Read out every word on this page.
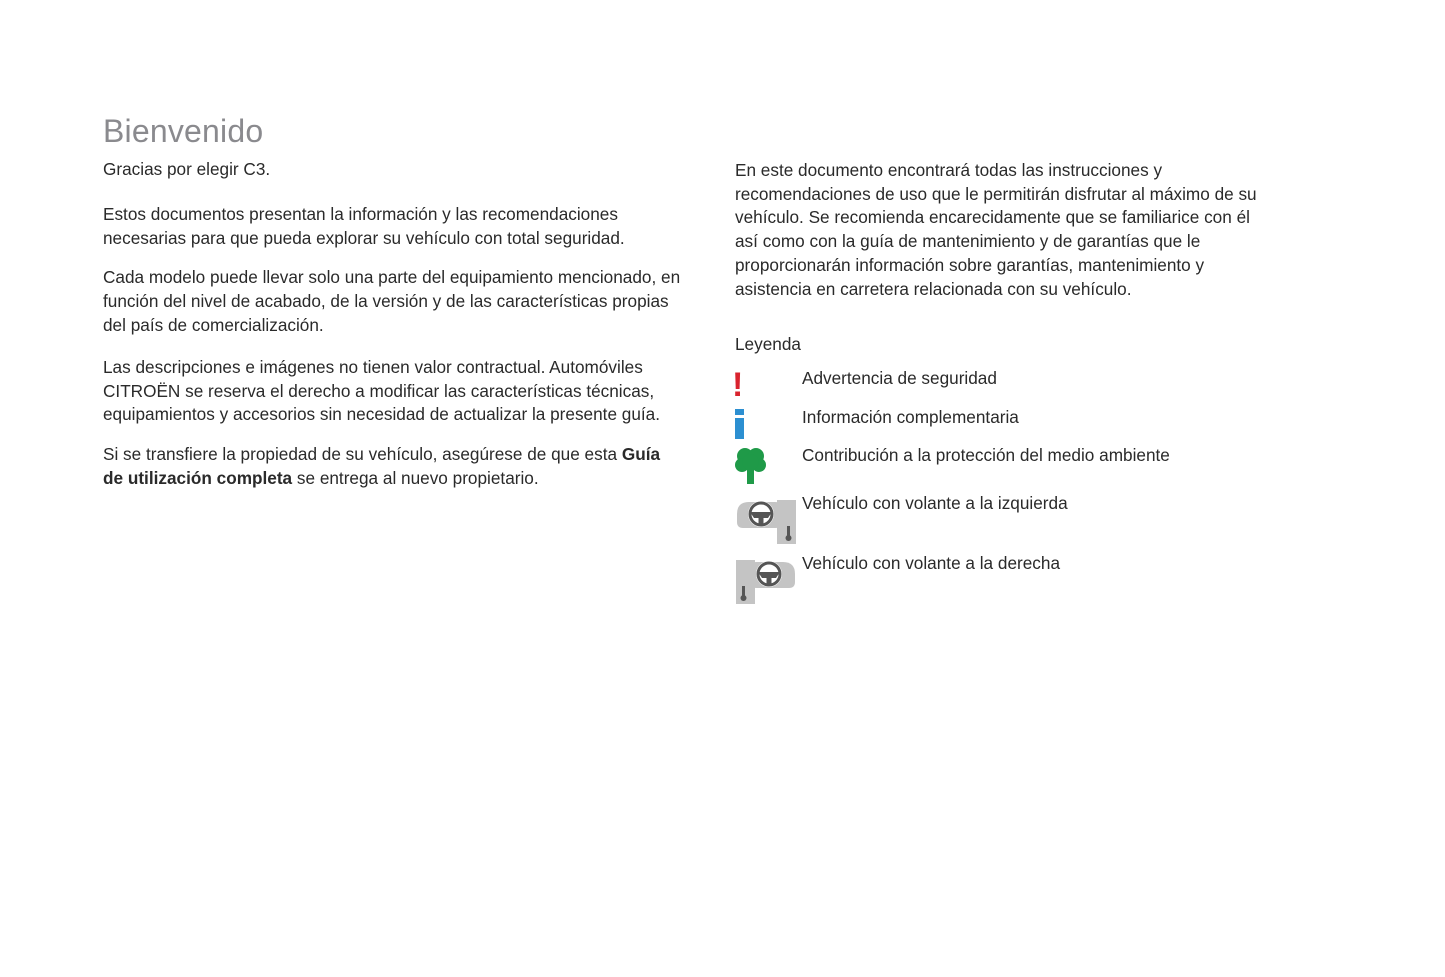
Bienvenido

Gracias por elegir C3.

Estos documentos presentan la información y las recomendaciones necesarias para que pueda explorar su vehículo con total seguridad.

Cada modelo puede llevar solo una parte del equipamiento mencionado, en función del nivel de acabado, de la versión y de las características propias del país de comercialización.

Las descripciones e imágenes no tienen valor contractual. Automóviles CITROËN se reserva el derecho a modificar las características técnicas, equipamientos y accesorios sin necesidad de actualizar la presente guía.

Si se transfiere la propiedad de su vehículo, asegúrese de que esta Guía de utilización completa se entrega al nuevo propietario.

En este documento encontrará todas las instrucciones y recomendaciones de uso que le permitirán disfrutar al máximo de su vehículo. Se recomienda encarecidamente que se familiarice con él así como con la guía de mantenimiento y de garantías que le proporcionarán información sobre garantías, mantenimiento y asistencia en carretera relacionada con su vehículo.

Leyenda
!	Advertencia de seguridad
Información complementaria
Contribución a la protección del medio ambiente
Vehículo con volante a la izquierda
Vehículo con volante a la derecha
